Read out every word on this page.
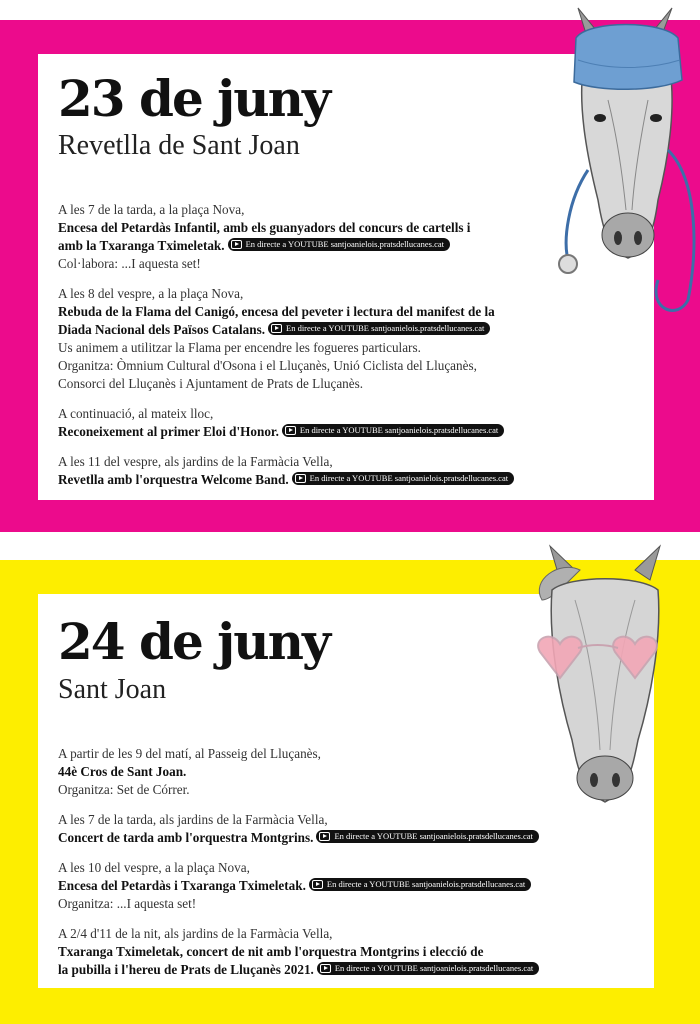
23 de juny
Revetlla de Sant Joan
A les 7 de la tarda, a la plaça Nova,
Encesa del Petardàs Infantil, amb els guanyadors del concurs de cartells i
amb la Txaranga Tximeletak. En directe a YOUTUBE santjoanielois.pratsdellucanes.cat
Col·labora: ...I aquesta set!
A les 8 del vespre, a la plaça Nova,
Rebuda de la Flama del Canigó, encesa del peveter i lectura del manifest de la
Diada Nacional dels Països Catalans. En directe a YOUTUBE santjoanielois.pratsdellucanes.cat
Us animem a utilitzar la Flama per encendre les fogueres particulars.
Organitza: Òmnium Cultural d'Osona i el Lluçanès, Unió Ciclista del Lluçanès,
Consorci del Lluçanès i Ajuntament de Prats de Lluçanès.
A continuació, al mateix lloc,
Reconeixement al primer Eloi d'Honor. En directe a YOUTUBE santjoanielois.pratsdellucanes.cat
A les 11 del vespre, als jardins de la Farmàcia Vella,
Revetlla amb l'orquestra Welcome Band. En directe a YOUTUBE santjoanielois.pratsdellucanes.cat
24 de juny
Sant Joan
A partir de les 9 del matí, al Passeig del Lluçanès,
44è Cros de Sant Joan.
Organitza: Set de Córrer.
A les 7 de la tarda, als jardins de la Farmàcia Vella,
Concert de tarda amb l'orquestra Montgrins. En directe a YOUTUBE santjoanielois.pratsdellucanes.cat
A les 10 del vespre, a la plaça Nova,
Encesa del Petardàs i Txaranga Tximeletak. En directe a YOUTUBE santjoanielois.pratsdellucanes.cat
Organitza: ...I aquesta set!
A 2/4 d'11 de la nit, als jardins de la Farmàcia Vella,
Txaranga Tximeletak, concert de nit amb l'orquestra Montgrins i elecció de
la pubilla i l'hereu de Prats de Lluçanès 2021. En directe a YOUTUBE santjoanielois.pratsdellucanes.cat
